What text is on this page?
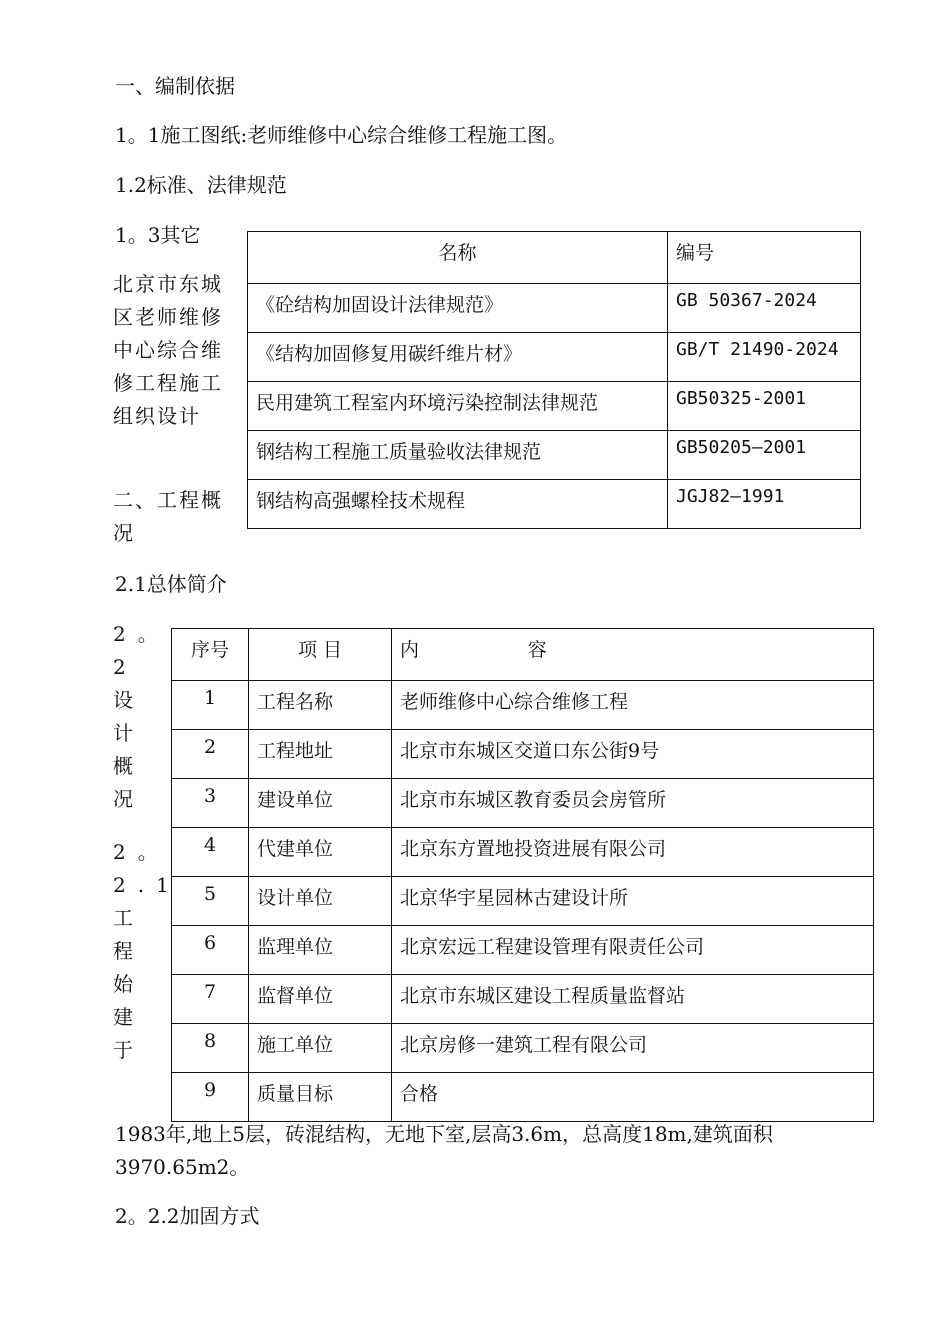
一、编制依据
1。1施工图纸:老师维修中心综合维修工程施工图。
1.2标准、法律规范
1。3其它
北京市东城区老师维修中心综合维修工程施工组织设计
二、工程概况
名称	编号
《砼结构加固设计法律规范》	GB 50367-2024
《结构加固修复用碳纤维片材》	GB/T 21490-2024
民用建筑工程室内环境污染控制法律规范	GB50325-2001
钢结构工程施工质量验收法律规范	GB50205—2001
钢结构高强螺栓技术规程	JGJ82—1991
2.1总体简介
2。2设计概况
2。2.1工程始建于
序号	项 目	内                  容
1	工程名称	老师维修中心综合维修工程
2	工程地址	北京市东城区交道口东公街9号
3	建设单位	北京市东城区教育委员会房管所
4	代建单位	北京东方置地投资进展有限公司
5	设计单位	北京华宇星园林古建设计所
6	监理单位	北京宏远工程建设管理有限责任公司
7	监督单位	北京市东城区建设工程质量监督站
8	施工单位	北京房修一建筑工程有限公司
9	质量目标	合格
1983年,地上5层，砖混结构，无地下室,层高3.6m，总高度18m,建筑面积
3970.65m2。
2。2.2加固方式
